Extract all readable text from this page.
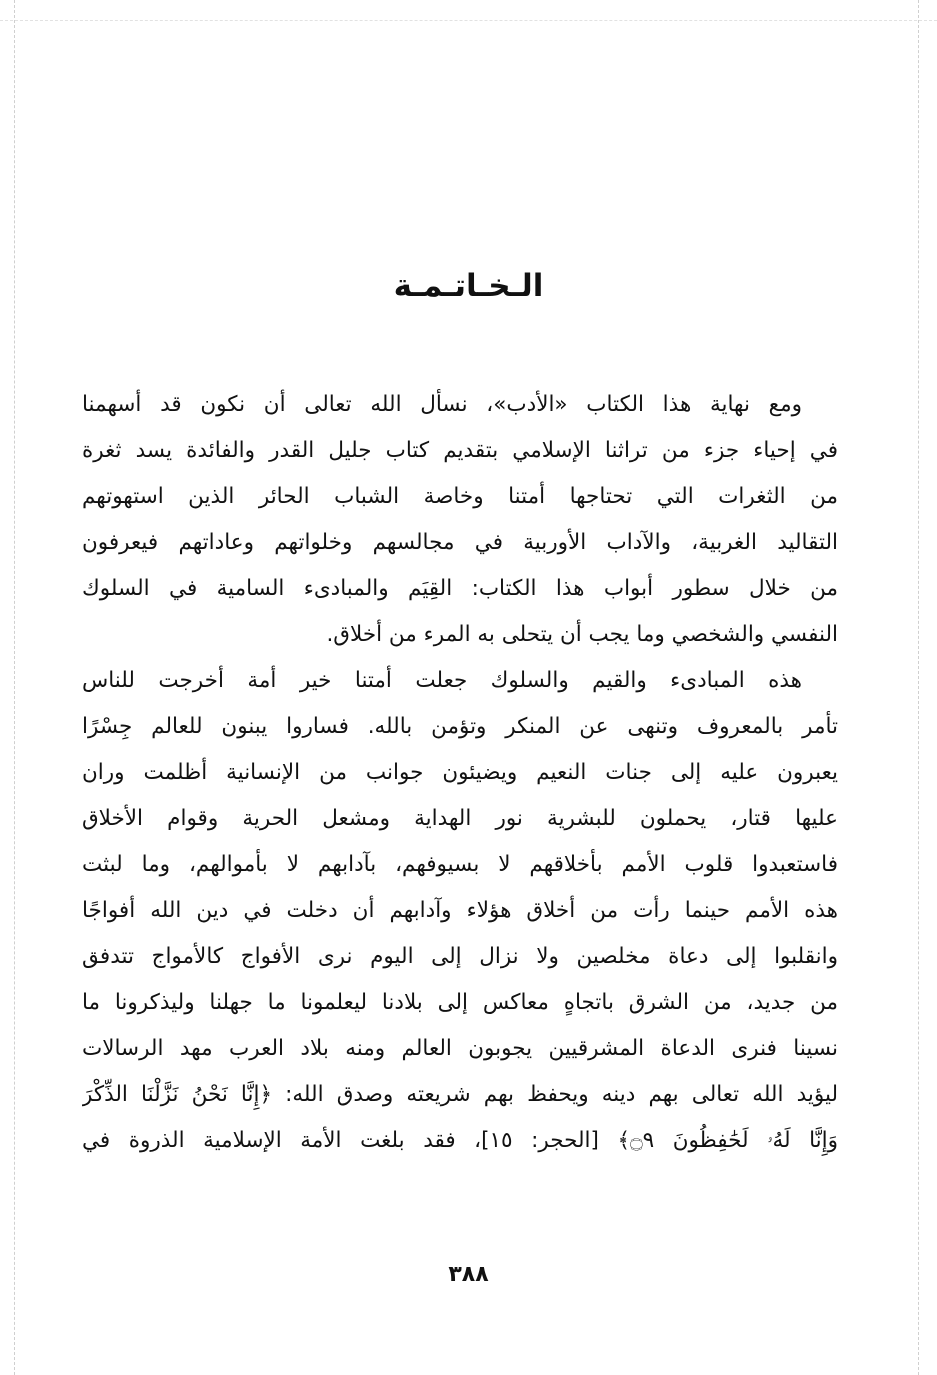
الـخـاتـمـة
ومع نهاية هذا الكتاب «الأدب»، نسأل الله تعالى أن نكون قد أسهمنا
في إحياء جزء من تراثنا الإسلامي بتقديم كتاب جليل القدر والفائدة يسد ثغرة
من الثغرات التي تحتاجها أمتنا وخاصة الشباب الحائر الذين استهوتهم
التقاليد الغربية، والآداب الأوربية في مجالسهم وخلواتهم وعاداتهم فيعرفون
من خلال سطور أبواب هذا الكتاب: القِيَم والمبادىء السامية في السلوك
النفسي والشخصي وما يجب أن يتحلى به المرء من أخلاق.
هذه المبادىء والقيم والسلوك جعلت أمتنا خير أمة أخرجت للناس
تأمر بالمعروف وتنهى عن المنكر وتؤمن بالله. فساروا يبنون للعالم جِسْرًا
يعبرون عليه إلى جنات النعيم ويضيئون جوانب من الإنسانية أظلمت وران
عليها قتار، يحملون للبشرية نور الهداية ومشعل الحرية وقوام الأخلاق
فاستعبدوا قلوب الأمم بأخلاقهم لا بسيوفهم، بآدابهم لا بأموالهم، وما لبثت
هذه الأمم حينما رأت من أخلاق هؤلاء وآدابهم أن دخلت في دين الله أفواجًا
وانقلبوا إلى دعاة مخلصين ولا نزال إلى اليوم نرى الأفواج كالأمواج تتدفق
من جديد، من الشرق باتجاهٍ معاكس إلى بلادنا ليعلمونا ما جهلنا وليذكرونا ما
نسينا فنرى الدعاة المشرقيين يجوبون العالم ومنه بلاد العرب مهد الرسالات
ليؤيد الله تعالى بهم دينه ويحفظ بهم شريعته وصدق الله: ﴿إِنَّا نَحْنُ نَزَّلْنَا الذِّكْرَ
وَإِنَّا لَهُۥ لَحَٰفِظُونَ ۝٩﴾ [الحجر: ١٥]، فقد بلغت الأمة الإسلامية الذروة في
٣٨٨
